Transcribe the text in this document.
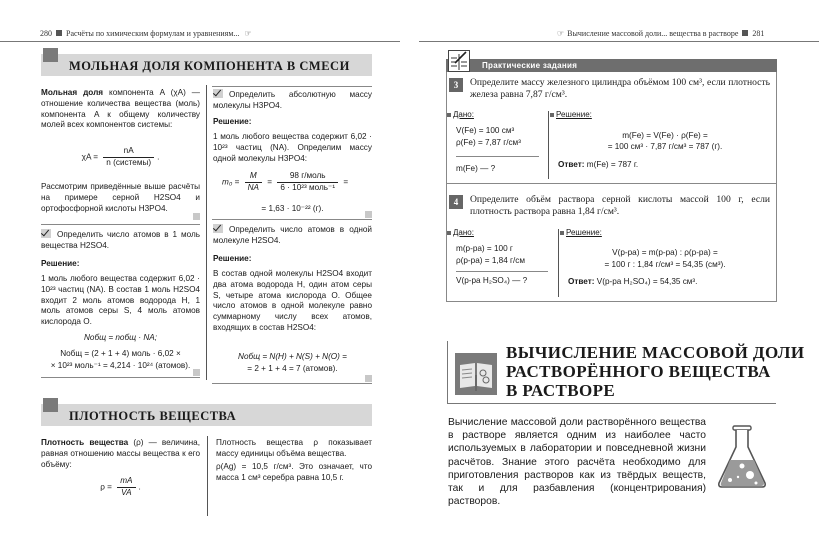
280 Расчёты по химическим формулам и уравнениям... ☞
МОЛЬНАЯ ДОЛЯ КОМПОНЕНТА В СМЕСИ
Мольная доля компонента A (χA) — отношение количества вещества (моль) компонента A к общему количеству молей всех компонентов системы:
$\chi A = \frac{nA}{\text{n (системы)}}$ .
Рассмотрим приведённые выше расчёты на примере серной H2SO4 и ортофосфорной кислоты H3PO4.
Определить число атомов в 1 моль вещества H2SO4.
Решение:
1 моль любого вещества содержит 6,02 · 10²³ частиц (NA). В состав 1 моль H2SO4 входит 2 моль атомов водорода H, 1 моль атомов серы S, 4 моль атомов кислорода O.
Nобщ = nобщ · NA;
Nобщ = (2 + 1 + 4) моль · 6,02 ×
× 10²³ моль⁻¹ = 4,214 · 10²⁴ (атомов).
Определить абсолютную массу молекулы H3PO4.
Решение:
1 моль любого вещества содержит 6,02 · 10²³ частиц (NA). Определим массу одной молекулы H3PO4:
$m_0 = \frac{M}{NA} = \frac{\text{98 г/моль}}{\text{6 · 10²³ моль⁻¹}}$ =
= 1,63 · 10⁻²² (г).
Определить число атомов в одной молекуле H2SO4.
Решение:
В состав одной молекулы H2SO4 входит два атома водорода H, один атом серы S, четыре атома кислорода O. Общее число атомов в одной молекуле равно суммарному числу всех атомов, входящих в состав H2SO4:
Nобщ = N(H) + N(S) + N(O) =
= 2 + 1 + 4 = 7 (атомов).
ПЛОТНОСТЬ ВЕЩЕСТВА
Плотность вещества (ρ) — величина, равная отношению массы вещества к его объёму:
$\rho = \frac{mA}{VA}$ .
Плотность вещества ρ показывает массу единицы объёма вещества.
ρ(Ag) = 10,5 г/см³. Это означает, что масса 1 см³ серебра равна 10,5 г.
☞ Вычисление массовой доли... вещества в растворе 281
Практические задания
3	Определите массу железного цилиндра объёмом 100 см³, если плотность железа равна 7,87 г/см³.
Дано:
V(Fe) = 100 см³
ρ(Fe) = 7,87 г/см³
m(Fe) — ?
Решение:
m(Fe) = V(Fe) · ρ(Fe) =
= 100 см³ · 7,87 г/см³ = 787 (г).
Ответ: m(Fe) = 787 г.
4	Определите объём раствора серной кислоты массой 100 г, если плотность раствора равна 1,84 г/см³.
Дано:
m(р-ра) = 100 г
ρ(р-ра) = 1,84 г/см
V(р-ра H₂SO₄) — ?
Решение:
V(р-ра) = m(р-ра) : ρ(р-ра) =
= 100 г : 1,84 г/см³ = 54,35 (см³).
Ответ: V(р-ра H₂SO₄) = 54,35 см³.
ВЫЧИСЛЕНИЕ МАССОВОЙ ДОЛИ
РАСТВОРЁННОГО ВЕЩЕСТВА
В РАСТВОРЕ
Вычисление массовой доли растворённого вещества в растворе является одним из наиболее часто используемых в лаборатории и повседневной жизни расчётов. Знание этого расчёта необходимо для приготовления растворов как из твёрдых веществ, так и для разбавления (концентрирования) растворов.
